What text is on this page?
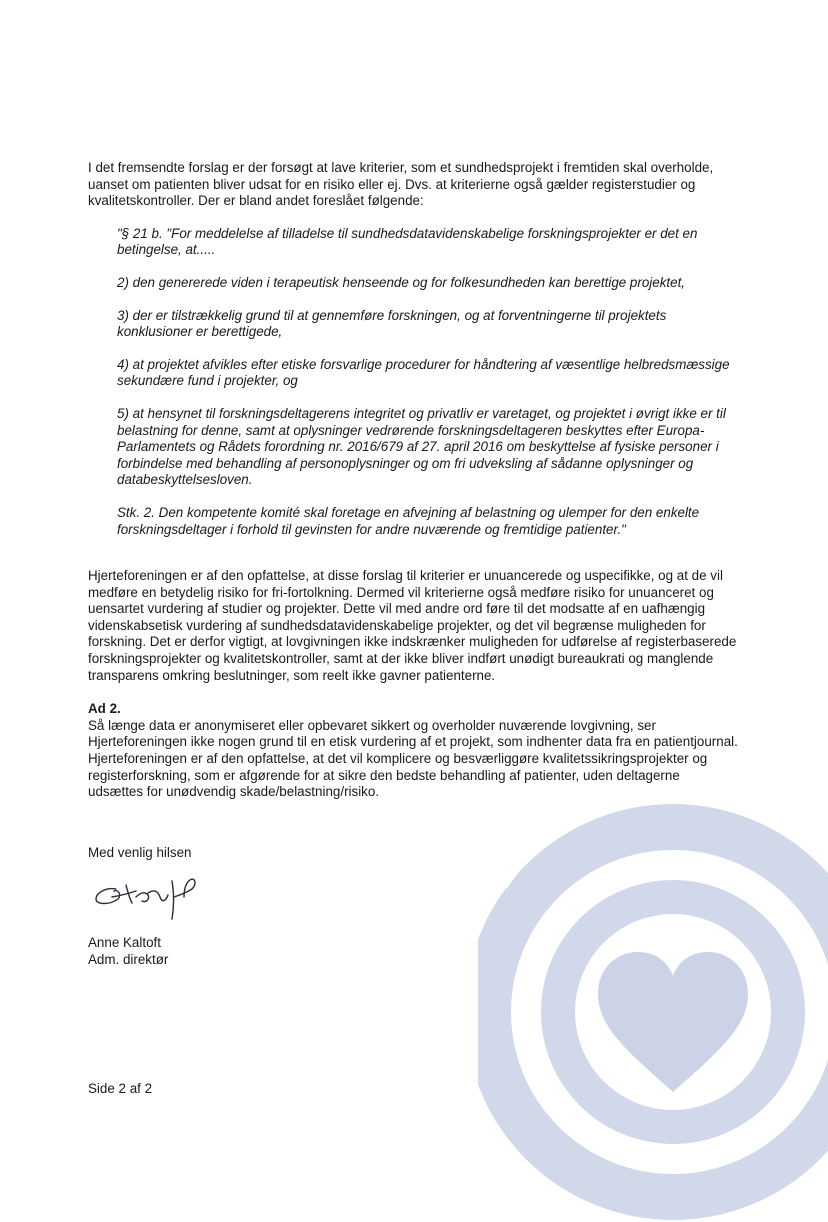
I det fremsendte forslag er der forsøgt at lave kriterier, som et sundhedsprojekt i fremtiden skal overholde, uanset om patienten bliver udsat for en risiko eller ej. Dvs. at kriterierne også gælder registerstudier og kvalitetskontroller. Der er bland andet foreslået følgende:

"§ 21 b. "For meddelelse af tilladelse til sundhedsdatavidenskabelige forskningsprojekter er det en betingelse, at.....

2) den genererede viden i terapeutisk henseende og for folkesundheden kan berettige projektet,

3) der er tilstrækkelig grund til at gennemføre forskningen, og at forventningerne til projektets konklusioner er berettigede,

4) at projektet afvikles efter etiske forsvarlige procedurer for håndtering af væsentlige helbredsmæssige sekundære fund i projekter, og

5) at hensynet til forskningsdeltagerens integritet og privatliv er varetaget, og projektet i øvrigt ikke er til belastning for denne, samt at oplysninger vedrørende forskningsdeltageren beskyttes efter Europa-Parlamentets og Rådets forordning nr. 2016/679 af 27. april 2016 om beskyttelse af fysiske personer i forbindelse med behandling af personoplysninger og om fri udveksling af sådanne oplysninger og databeskyttelsesloven.

Stk. 2. Den kompetente komité skal foretage en afvejning af belastning og ulemper for den enkelte forskningsdeltager i forhold til gevinsten for andre nuværende og fremtidige patienter."

Hjerteforeningen er af den opfattelse, at disse forslag til kriterier er unuancerede og uspecifikke, og at de vil medføre en betydelig risiko for fri-fortolkning. Dermed vil kriterierne også medføre risiko for unuanceret og uensartet vurdering af studier og projekter. Dette vil med andre ord føre til det modsatte af en uafhængig videnskabsetisk vurdering af sundhedsdatavidenskabelige projekter, og det vil begrænse muligheden for forskning. Det er derfor vigtigt, at lovgivningen ikke indskrænker muligheden for udførelse af registerbaserede forskningsprojekter og kvalitetskontroller, samt at der ikke bliver indført unødigt bureaukrati og manglende transparens omkring beslutninger, som reelt ikke gavner patienterne.

Ad 2.

Så længe data er anonymiseret eller opbevaret sikkert og overholder nuværende lovgivning, ser Hjerteforeningen ikke nogen grund til en etisk vurdering af et projekt, som indhenter data fra en patientjournal. Hjerteforeningen er af den opfattelse, at det vil komplicere og besværliggøre kvalitetssikringsprojekter og registerforskning, som er afgørende for at sikre den bedste behandling af patienter, uden deltagerne udsættes for unødvendig skade/belastning/risiko.

Med venlig hilsen

Anne Kaltoft

Adm. direktør

Side 2 af 2
